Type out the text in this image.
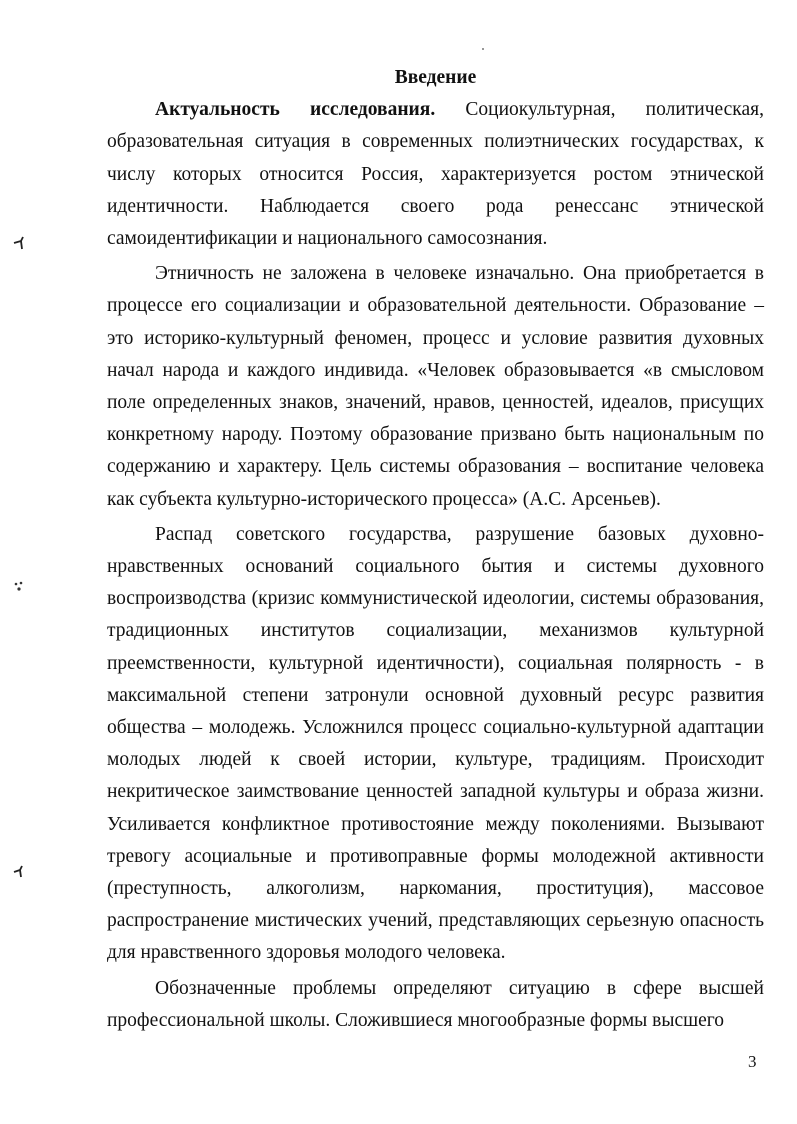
Введение

Актуальность исследования. Социокультурная, политическая, образовательная ситуация в современных полиэтнических государствах, к числу которых относится Россия, характеризуется ростом этнической идентичности. Наблюдается своего рода ренессанс этнической самоидентификации и национального самосознания.

Этничность не заложена в человеке изначально. Она приобретается в процессе его социализации и образовательной деятельности. Образование – это историко-культурный феномен, процесс и условие развития духовных начал народа и каждого индивида. «Человек образовывается «в смысловом поле определенных знаков, значений, нравов, ценностей, идеалов, присущих конкретному народу. Поэтому образование призвано быть национальным по содержанию и характеру. Цель системы образования – воспитание человека как субъекта культурно-исторического процесса» (А.С. Арсеньев).

Распад советского государства, разрушение базовых духовно-нравственных оснований социального бытия и системы духовного воспроизводства (кризис коммунистической идеологии, системы образования, традиционных институтов социализации, механизмов культурной преемственности, культурной идентичности), социальная полярность - в максимальной степени затронули основной духовный ресурс развития общества – молодежь. Усложнился процесс социально-культурной адаптации молодых людей к своей истории, культуре, традициям. Происходит некритическое заимствование ценностей западной культуры и образа жизни. Усиливается конфликтное противостояние между поколениями. Вызывают тревогу асоциальные и противоправные формы молодежной активности (преступность, алкоголизм, наркомания, проституция), массовое распространение мистических учений, представляющих серьезную опасность для нравственного здоровья молодого человека.

Обозначенные проблемы определяют ситуацию в сфере высшей профессиональной школы. Сложившиеся многообразные формы высшего

3
